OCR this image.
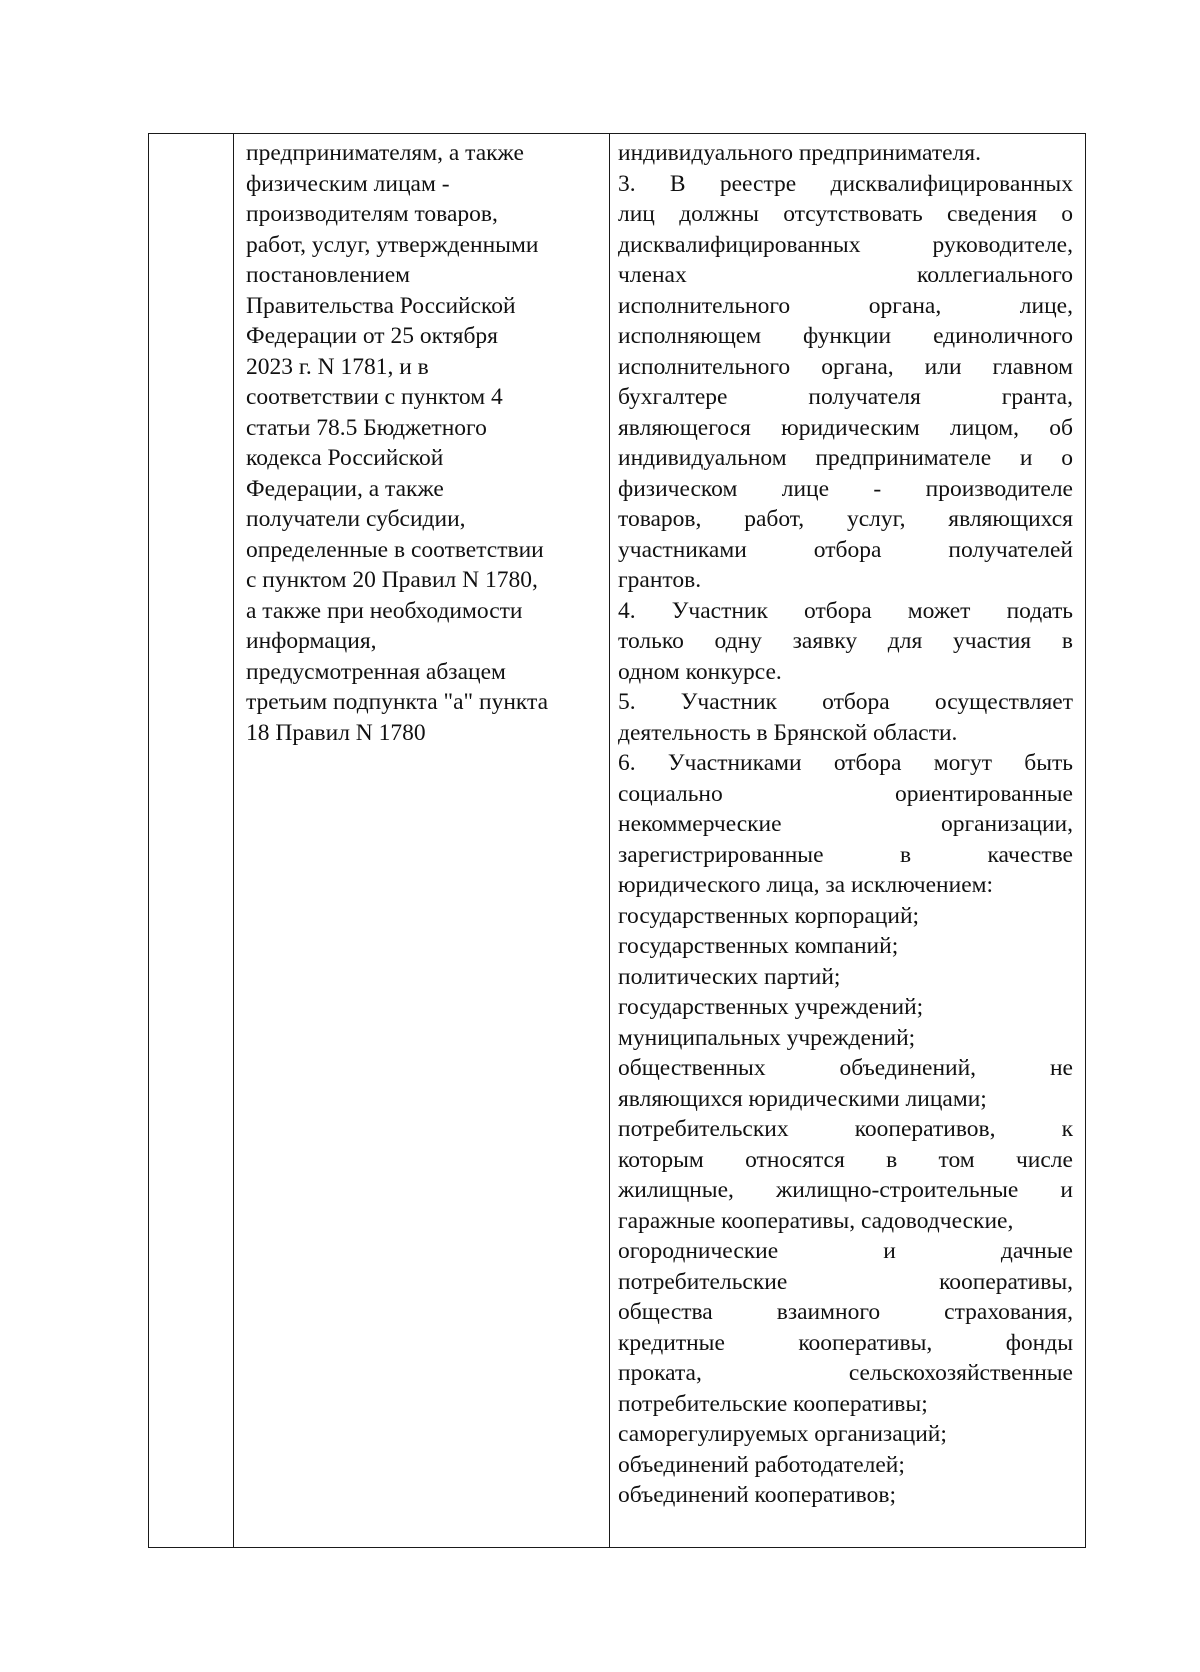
предпринимателям, а также
физическим лицам -
производителям товаров,
работ, услуг, утвержденными
постановлением
Правительства Российской
Федерации от 25 октября
2023 г. N 1781, и в
соответствии с пунктом 4
статьи 78.5 Бюджетного
кодекса Российской
Федерации, а также
получатели субсидии,
определенные в соответствии
с пунктом 20 Правил N 1780,
а также при необходимости
информация,
предусмотренная абзацем
третьим подпункта "а" пункта
18 Правил N 1780

индивидуального предпринимателя.
3. В реестре дисквалифицированных
лиц должны отсутствовать сведения о
дисквалифицированных	руководителе,
членах	коллегиального
исполнительного	органа,	лице,
исполняющем функции единоличного
исполнительного органа, или главном
бухгалтере	получателя	гранта,
являющегося юридическим лицом, об
индивидуальном предпринимателе и о
физическом лице - производителе
товаров, работ, услуг, являющихся
участниками	отбора	получателей
грантов.
4. Участник отбора может подать
только одну заявку для участия в
одном конкурсе.
5. Участник отбора осуществляет
деятельность в Брянской области.
6. Участниками отбора могут быть
социально	ориентированные
некоммерческие	организации,
зарегистрированные	в	качестве
юридического лица, за исключением:
государственных корпораций;
государственных компаний;
политических партий;
государственных учреждений;
муниципальных учреждений;
общественных	объединений,	не
являющихся юридическими лицами;
потребительских	кооперативов,	к
которым относятся в том числе
жилищные, жилищно-строительные и
гаражные кооперативы, садоводческие,
огороднические	и	дачные
потребительские	кооперативы,
общества	взаимного	страхования,
кредитные	кооперативы,	фонды
проката,	сельскохозяйственные
потребительские кооперативы;
саморегулируемых организаций;
объединений работодателей;
объединений кооперативов;
